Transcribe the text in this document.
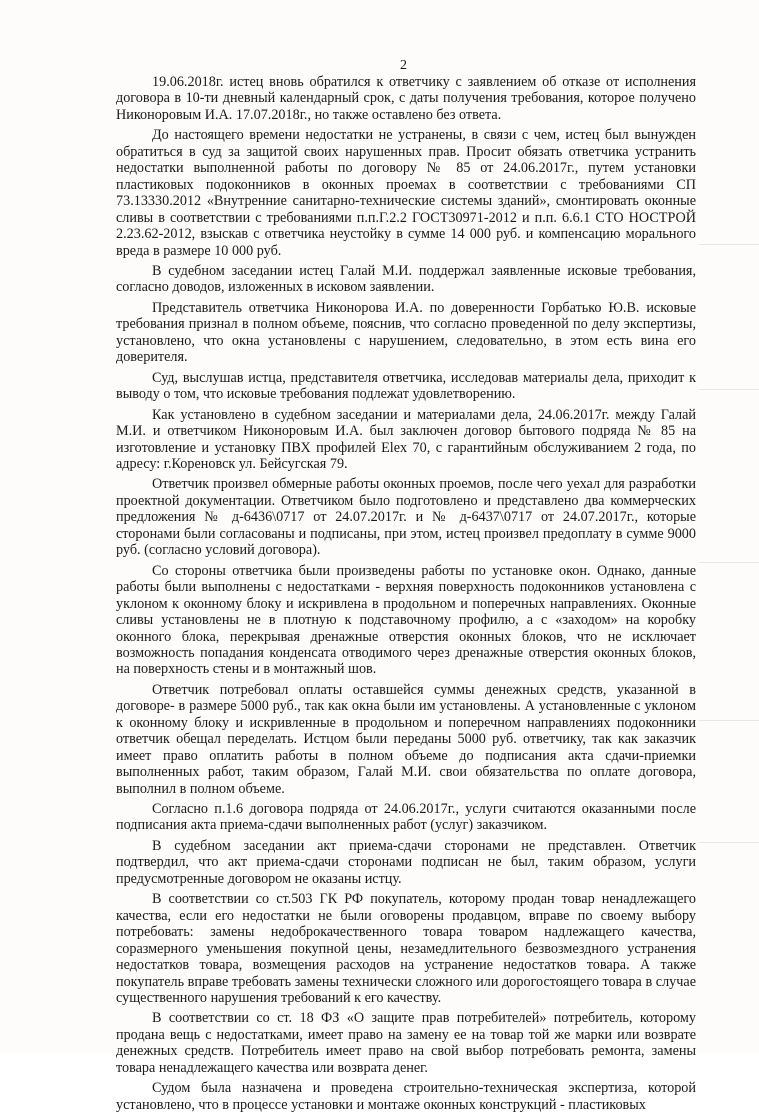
2

19.06.2018г. истец вновь обратился к ответчику с заявлением об отказе от исполнения договора в 10-ти дневный календарный срок, с даты получения требования, которое получено Никоноровым И.А. 17.07.2018г., но также оставлено без ответа.

До настоящего времени недостатки не устранены, в связи с чем, истец был вынужден обратиться в суд за защитой своих нарушенных прав. Просит обязать ответчика устранить недостатки выполненной работы по договору № 85 от 24.06.2017г., путем установки пластиковых подоконников в оконных проемах в соответствии с требованиями СП 73.13330.2012 «Внутренние санитарно-технические системы зданий», смонтировать оконные сливы в соответствии с требованиями п.п.Г.2.2 ГОСТ30971-2012 и п.п. 6.6.1 СТО НОСТРОЙ 2.23.62-2012, взыскав с ответчика неустойку в сумме 14 000 руб. и компенсацию морального вреда в размере 10 000 руб.

В судебном заседании истец Галай М.И. поддержал заявленные исковые требования, согласно доводов, изложенных в исковом заявлении.

Представитель ответчика Никонорова И.А. по доверенности Горбатько Ю.В. исковые требования признал в полном объеме, пояснив, что согласно проведенной по делу экспертизы, установлено, что окна установлены с нарушением, следовательно, в этом есть вина его доверителя.

Суд, выслушав истца, представителя ответчика, исследовав материалы дела, приходит к выводу о том, что исковые требования подлежат удовлетворению.

Как установлено в судебном заседании и материалами дела, 24.06.2017г. между Галай М.И. и ответчиком Никоноровым И.А. был заключен договор бытового подряда № 85 на изготовление и установку ПВХ профилей Elex 70, с гарантийным обслуживанием 2 года, по адресу: г.Кореновск ул. Бейсугская 79.

Ответчик произвел обмерные работы оконных проемов, после чего уехал для разработки проектной документации. Ответчиком было подготовлено и представлено два коммерческих предложения № д-6436\0717 от 24.07.2017г. и № д-6437\0717 от 24.07.2017г., которые сторонами были согласованы и подписаны, при этом, истец произвел предоплату в сумме 9000 руб. (согласно условий договора).

Со стороны ответчика были произведены работы по установке окон. Однако, данные работы были выполнены с недостатками - верхняя поверхность подоконников установлена с уклоном к оконному блоку и искривлена в продольном и поперечных направлениях. Оконные сливы установлены не в плотную к подставочному профилю, а с «заходом» на коробку оконного блока, перекрывая дренажные отверстия оконных блоков, что не исключает возможность попадания конденсата отводимого через дренажные отверстия оконных блоков, на поверхность стены и в монтажный шов.

Ответчик потребовал оплаты оставшейся суммы денежных средств, указанной в договоре- в размере 5000 руб., так как окна были им установлены. А установленные с уклоном к оконному блоку и искривленные в продольном и поперечном направлениях подоконники ответчик обещал переделать. Истцом были переданы 5000 руб. ответчику, так как заказчик имеет право оплатить работы в полном объеме до подписания акта сдачи-приемки выполненных работ, таким образом, Галай М.И. свои обязательства по оплате договора, выполнил в полном объеме.

Согласно п.1.6 договора подряда от 24.06.2017г., услуги считаются оказанными после подписания акта приема-сдачи выполненных работ (услуг) заказчиком.

В судебном заседании акт приема-сдачи сторонами не представлен. Ответчик подтвердил, что акт приема-сдачи сторонами подписан не был, таким образом, услуги предусмотренные договором не оказаны истцу.

В соответствии со ст.503 ГК РФ покупатель, которому продан товар ненадлежащего качества, если его недостатки не были оговорены продавцом, вправе по своему выбору потребовать: замены недоброкачественного товара товаром надлежащего качества, соразмерного уменьшения покупной цены, незамедлительного безвозмездного устранения недостатков товара, возмещения расходов на устранение недостатков товара. А также покупатель вправе требовать замены технически сложного или дорогостоящего товара в случае существенного нарушения требований к его качеству.

В соответствии со ст. 18 ФЗ «О защите прав потребителей» потребитель, которому продана вещь с недостатками, имеет право на замену ее на товар той же марки или возврате денежных средств. Потребитель имеет право на свой выбор потребовать ремонта, замены товара ненадлежащего качества или возврата денег.

Судом была назначена и проведена строительно-техническая экспертиза, которой установлено, что в процессе установки и монтаже оконных конструкций - пластиковых
